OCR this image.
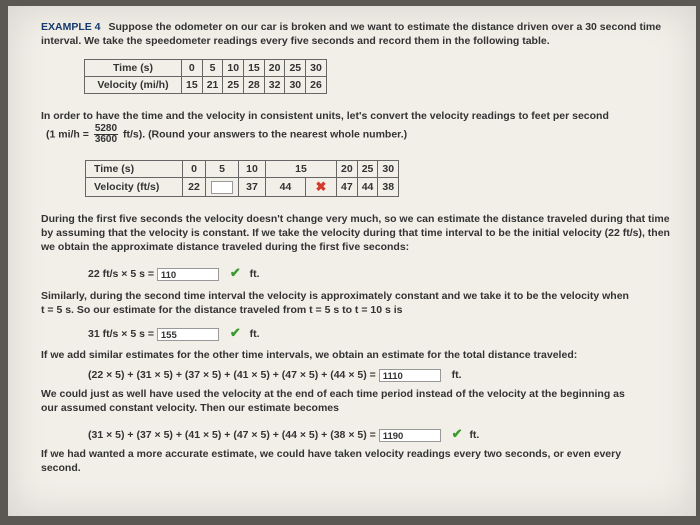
EXAMPLE 4 Suppose the odometer on our car is broken and we want to estimate the distance driven over a 30 second time interval. We take the speedometer readings every five seconds and record them in the following table.
Time (s)	0	5	10	15	20	25	30
Velocity (mi/h)	15	21	25	28	32	30	26
In order to have the time and the velocity in consistent units, let's convert the velocity readings to feet per second
(1 $mi/h = \frac{5280}{3600} ft/s$). (Round your answers to the nearest whole number.)
Time (s)	0	5	10	15		20	25	30
Velocity (ft/s)	22		37	44	✖	47	44	38
During the first five seconds the velocity doesn't change very much, so we can estimate the distance traveled during that time by assuming that the velocity is constant. If we take the velocity during that time interval to be the initial velocity (22 ft/s), then we obtain the approximate distance traveled during the first five seconds:
22 ft/s × 5 s = 110	✔ ft.
Similarly, during the second time interval the velocity is approximately constant and we take it to be the velocity when
t = 5 s. So our estimate for the distance traveled from t = 5 s to t = 10 s is
31 ft/s × 5 s = 155	✔ ft.
If we add similar estimates for the other time intervals, we obtain an estimate for the total distance traveled:
(22 × 5) + (31 × 5) + (37 × 5) + (41 × 5) + (47 × 5) + (44 × 5) = 1110	ft.
We could just as well have used the velocity at the end of each time period instead of the velocity at the beginning as
our assumed constant velocity. Then our estimate becomes
(31 × 5) + (37 × 5) + (41 × 5) + (47 × 5) + (44 × 5) + (38 × 5) = 1190	✔ ft.
If we had wanted a more accurate estimate, we could have taken velocity readings every two seconds, or even every
second.
